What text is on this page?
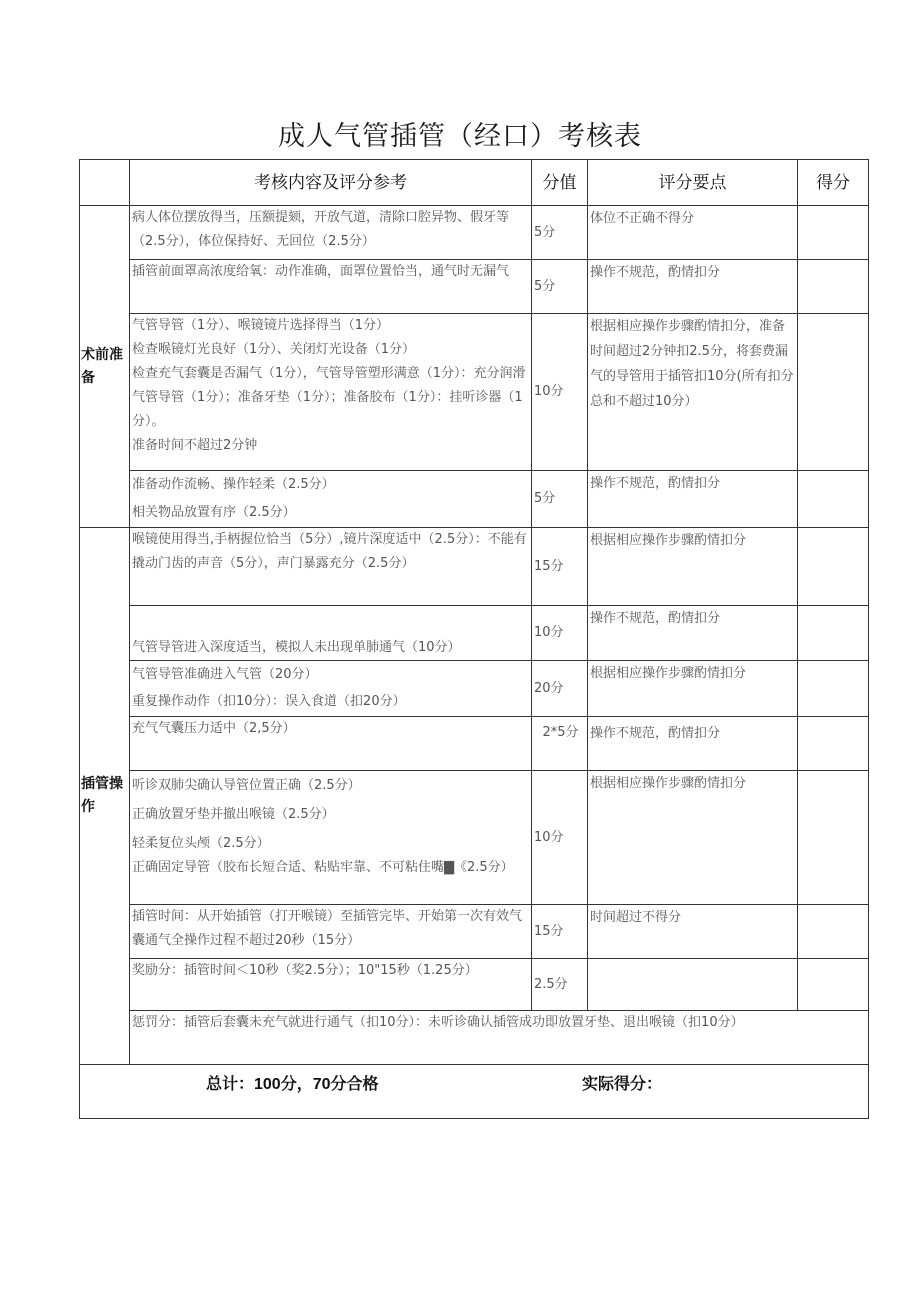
成人气管插管（经口）考核表
	考核内容及评分参考	分值	评分要点	得分
术前准备	病人体位摆放得当，压额提颏，开放气道，清除口腔异物、假牙等（2.5分），体位保持好、无回位（2.5分）	5分	体位不正确不得分	

	插管前面罩高浓度给氧：动作准确，面罩位置恰当，通气时无漏气	5分	操作不规范，酌情扣分	

	气管导管（1分）、喉镜镜片选择得当（1分）
检查喉镜灯光良好（1分）、关闭灯光设备（1分）
检查充气套囊是否漏气（1分），气管导管塑形满意（1分）：充分润滑气管导管（1分）；准备牙垫（1分）；准备胶布（1分）：挂听诊器（1分）。
准备时间不超过2分钟	10分	根据相应操作步骤酌情扣分，准备时间超过2分钟扣2.5分，将套费漏气的导管用于插管扣10分(所有扣分总和不超过10分）	

	准备动作流畅、操作轻柔（2.5分）
相关物品放置有序（2.5分）	5分	操作不规范，酌情扣分	
插管操作	喉镜使用得当,手柄握位恰当（5分）,镜片深度适中（2.5分）：不能有撬动门齿的声音（5分），声门暴露充分（2.5分）	15分	根据相应操作步骤酌情扣分	

	气管导管进入深度适当，模拟人未出现单肺通气（10分）	10分	操作不规范，酌情扣分	

	气管导管准确进入气管（20分）
重复操作动作（扣10分）：误入食道（扣20分）	20分	根据相应操作步骤酌情扣分	

	充气气囊压力适中（2,5分）	2*5分	操作不规范，酌情扣分	

	听诊双肺尖确认导管位置正确（2.5分）
正确放置牙垫并撤出喉镜（2.5分）
轻柔复位头颅（2.5分）
正确固定导管（胶布长短合适、粘贴牢靠、不可粘住嘴▇《2.5分）	10分	根据相应操作步骤酌情扣分	

	插管时间：从开始插管（打开喉镜）至插管完毕、开始第一次有效气囊通气全操作过程不超过20秒（15分）	15分	时间超过不得分	

	奖励分：插管时间＜10秒（奖2.5分）；10"15秒（1.25分）	2.5分		
	惩罚分：插管后套囊未充气就进行通气（扣10分）：未听诊确认插管成功即放置牙垫、退出喉镜（扣10分）			

总计：100分，70分合格 实际得分：				
